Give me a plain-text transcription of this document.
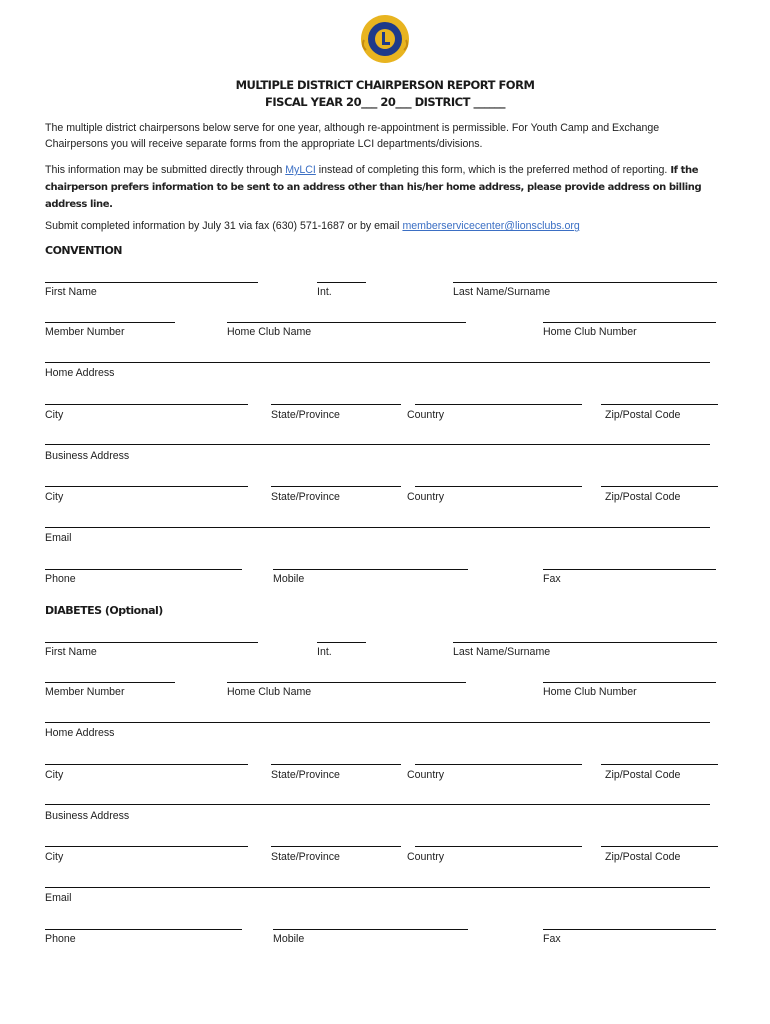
MULTIPLE DISTRICT CHAIRPERSON REPORT FORM
FISCAL YEAR 20___ 20___ DISTRICT ______
The multiple district chairpersons below serve for one year, although re-appointment is permissible. For Youth Camp and Exchange Chairpersons you will receive separate forms from the appropriate LCI departments/divisions.
This information may be submitted directly through MyLCI instead of completing this form, which is the preferred method of reporting. If the chairperson prefers information to be sent to an address other than his/her home address, please provide address on billing address line.
Submit completed information by July 31 via fax (630) 571-1687 or by email memberservicecenter@lionsclubs.org
CONVENTION
First Name	Int.	Last Name/Surname
Member Number	Home Club Name	Home Club Number
Home Address
City	State/Province	Country	Zip/Postal Code
Business Address
City	State/Province	Country	Zip/Postal Code
Email
Phone	Mobile	Fax
DIABETES (Optional)
First Name	Int.	Last Name/Surname
Member Number	Home Club Name	Home Club Number
Home Address
City	State/Province	Country	Zip/Postal Code
Business Address
City	State/Province	Country	Zip/Postal Code
Email
Phone	Mobile	Fax
